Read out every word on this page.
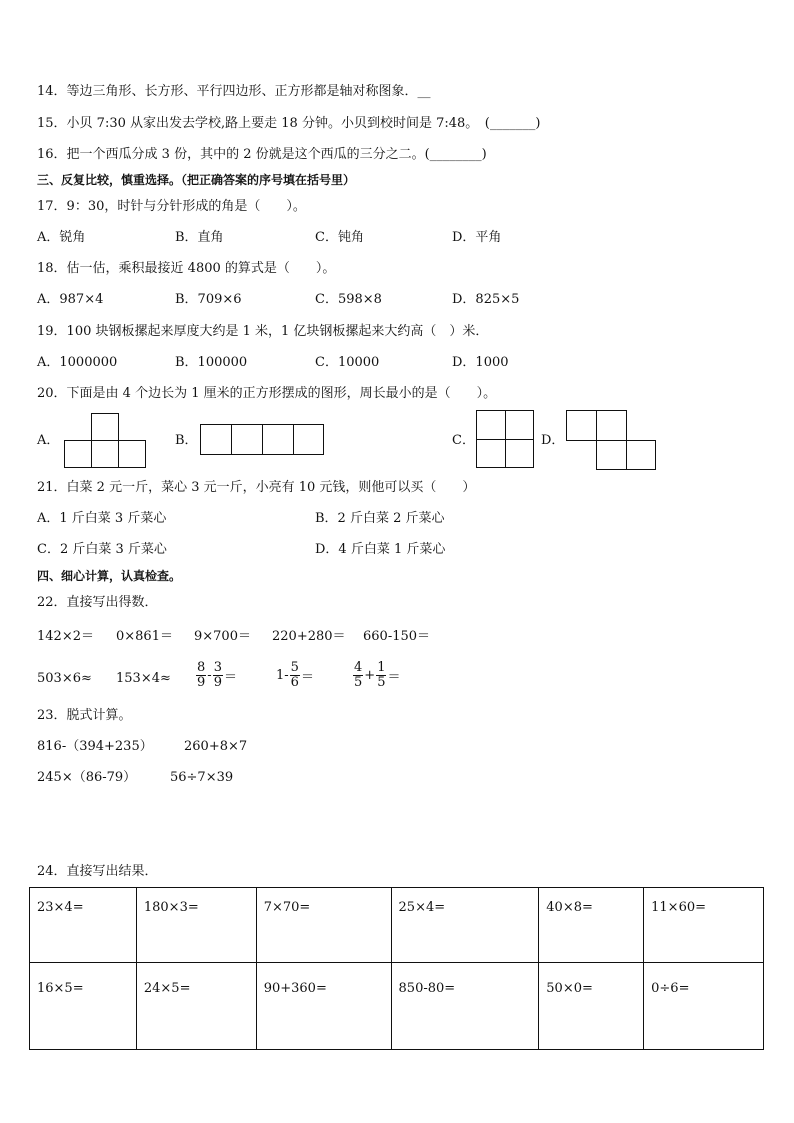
14．等边三角形、长方形、平行四边形、正方形都是轴对称图象．__
15．小贝 7:30 从家出发去学校,路上要走 18 分钟。小贝到校时间是 7:48。　(_______)
16．把一个西瓜分成 3 份，其中的 2 份就是这个西瓜的三分之二。(________)
三、反复比较，慎重选择。（把正确答案的序号填在括号里）
17．9：30，时针与分针形成的角是（　　）。
A．锐角	B．直角	C．钝角	D．平角
18．估一估，乘积最接近 4800 的算式是（　　）。
A．987×4	B．709×6	C．598×8	D．825×5
19．100 块钢板摞起来厚度大约是 1 米，1 亿块钢板摞起来大约高（　）米．
A．1000000	B．100000	C．10000	D．1000
20．下面是由 4 个边长为 1 厘米的正方形摆成的图形，周长最小的是（　　）。
A．	B．	C．	D．
21．白菜 2 元一斤，菜心 3 元一斤，小亮有 10 元钱，则他可以买（　　）
A．1 斤白菜 3 斤菜心	B．2 斤白菜 2 斤菜心
C．2 斤白菜 3 斤菜心	D．4 斤白菜 1 斤菜心
四、细心计算，认真检查。
22．直接写出得数．
142×2＝ 0×861＝ 9×700＝ 220+280＝ 660-150＝
$503\times 6\approx 153\times 4\approx \frac{8}{9} - \frac{3}{9}$ ＝	$1- \frac{5}{6}$ ＝	$\frac{4}{5} + \frac{1}{5}$ ＝
23．脱式计算。
816-（394+235） 260+8×7
245×（86-79）	56÷7×39
24．直接写出结果．
23×4=	180×3=	7×70=	25×4=	40×8=	11×60=
16×5=	24×5=	90+360=	850-80=	50×0=	0÷6=
